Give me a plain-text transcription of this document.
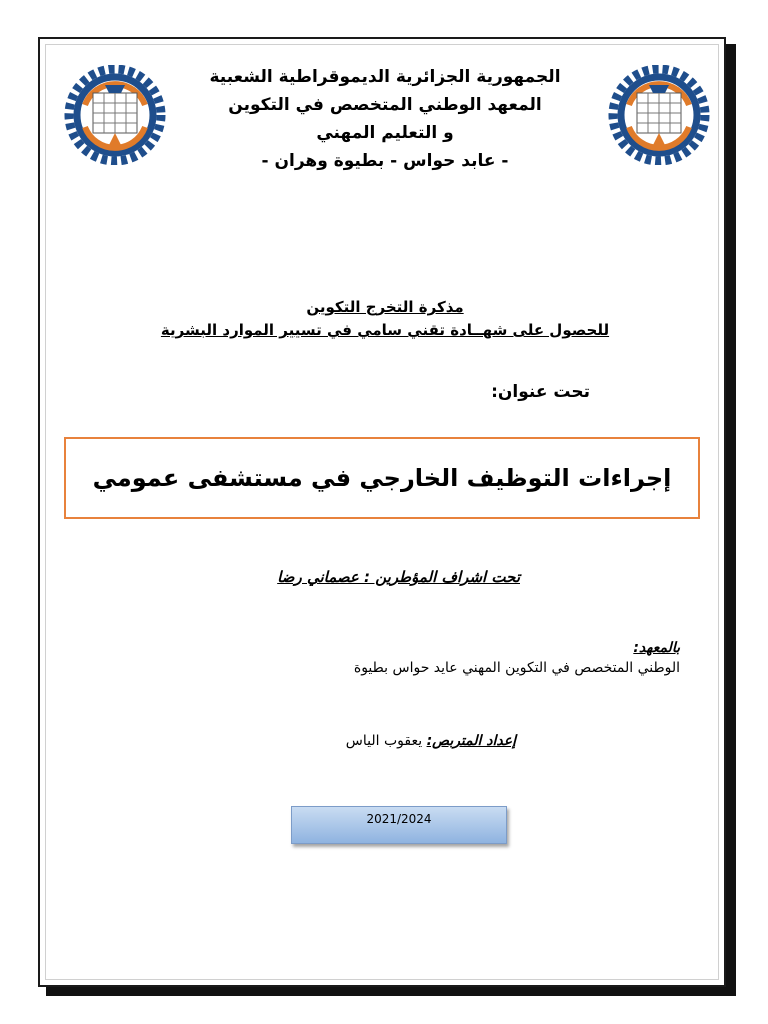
الجمهورية الجزائرية الديموقراطية الشعبية
المعهد الوطني المتخصص في التكوين
و التعليم المهني
- عابد حواس - بطيوة وهران -
مذكرة التخرج التكوين
للحصول على شهــادة تقني سامي في تسيير الموارد البشرية
تحت عنوان:
إجراءات التوظيف الخارجي في مستشفى عمومي
تحت اشراف المؤطرين : عصماني رضا
بالمعهد:
الوطني المتخصص في التكوين المهني عايد حواس بطيوة
إعداد المتربص: يعقوب الياس
2021/2024
